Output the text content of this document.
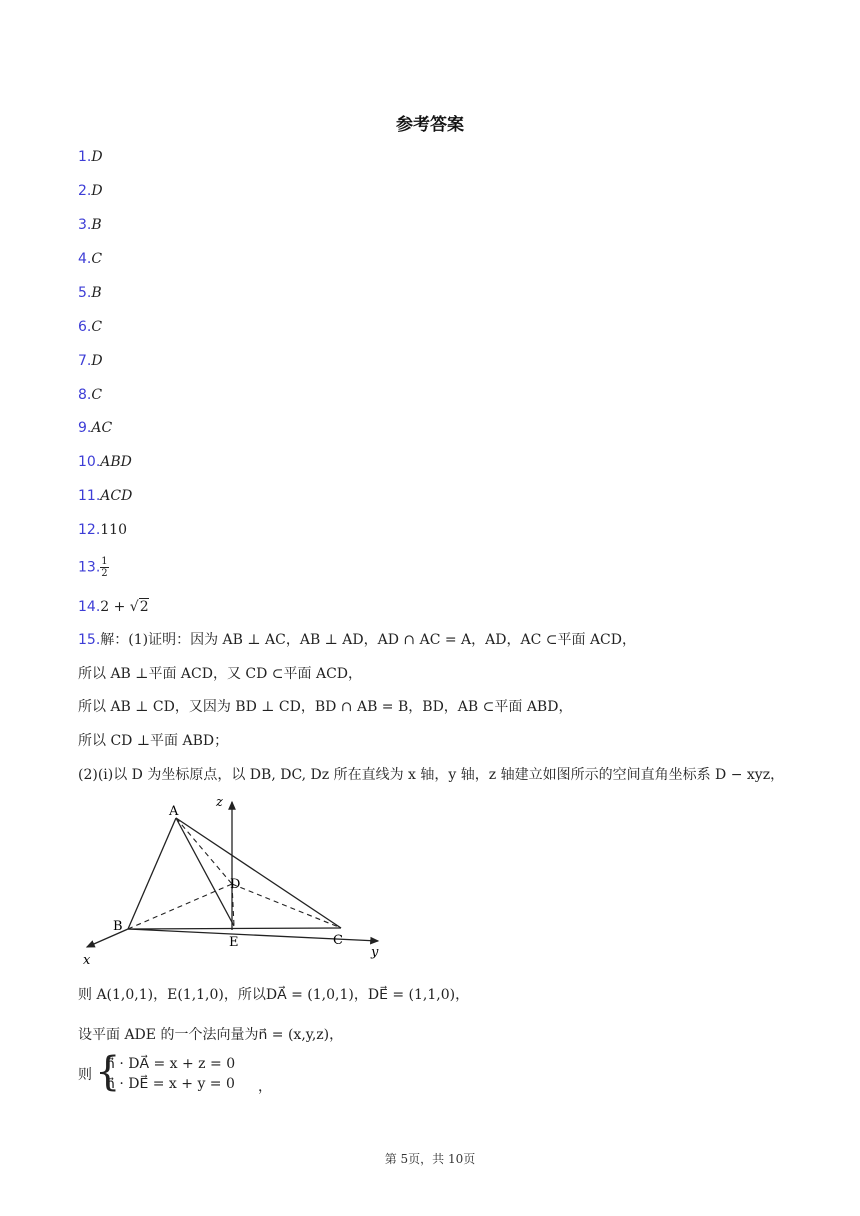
参考答案
1.D
2.D
3.B
4.C
5.B
6.C
7.D
8.C
9.AC
10.ABD
11.ACD
12.110
13. $\frac{1}{2}$
14.2 + √2
15.解：(1)证明：因为 AB ⊥ AC，AB ⊥ AD，AD ∩ AC = A，AD，AC ⊂平面 ACD，
所以 AB ⊥平面 ACD，又 CD ⊂平面 ACD，
所以 AB ⊥ CD，又因为 BD ⊥ CD，BD ∩ AB = B，BD，AB ⊂平面 ABD，
所以 CD ⊥平面 ABD；
(2)(i)以 D 为坐标原点，以 DB, DC, Dz 所在直线为 x 轴，y 轴，z 轴建立如图所示的空间直角坐标系 D − xyz，
A
B
C
D
E
x
y
z
则 A(1,0,1)，E(1,1,0)，所以DA⃗ = (1,0,1)，DE⃗ = (1,1,0)，
设平面 ADE 的一个法向量为n⃗ = (x,y,z)，
则 {
n⃗ · DA⃗ = x + z = 0
n⃗ · DE⃗ = x + y = 0 ，
第 5页，共 10页
